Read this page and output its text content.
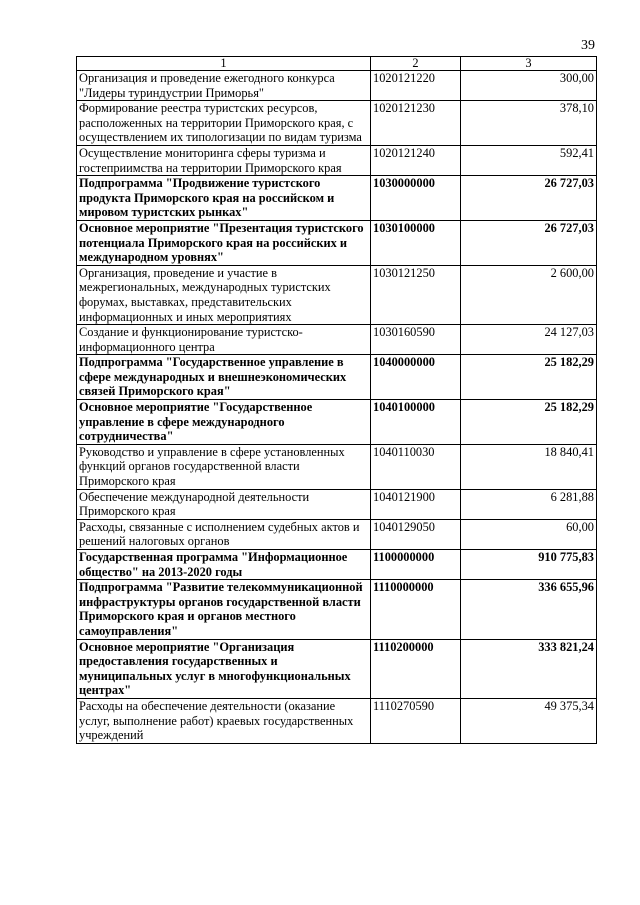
39
1	2	3
Организация и проведение ежегодного конкурса "Лидеры туриндустрии Приморья"	1020121220	300,00
Формирование реестра туристских ресурсов, расположенных на территории Приморского края, с осуществлением их типологизации по видам туризма	1020121230	378,10
Осуществление мониторинга сферы туризма и гостеприимства на территории Приморского края	1020121240	592,41
Подпрограмма "Продвижение туристского продукта Приморского края на российском и мировом туристских рынках"	1030000000	26 727,03
Основное мероприятие "Презентация туристского потенциала Приморского края на российских и международном уровнях"	1030100000	26 727,03
Организация, проведение и участие в межрегиональных, международных туристских форумах, выставках, представительских информационных и иных мероприятиях	1030121250	2 600,00
Создание и функционирование туристско-информационного центра	1030160590	24 127,03
Подпрограмма "Государственное управление в сфере международных и внешнеэкономических связей Приморского края"	1040000000	25 182,29
Основное мероприятие "Государственное управление в сфере международного сотрудничества"	1040100000	25 182,29
Руководство и управление в сфере установленных функций органов государственной власти Приморского края	1040110030	18 840,41
Обеспечение международной деятельности Приморского края	1040121900	6 281,88
Расходы, связанные с исполнением судебных актов и решений налоговых органов	1040129050	60,00
Государственная программа "Информационное общество" на 2013-2020 годы	1100000000	910 775,83
Подпрограмма "Развитие телекоммуникационной инфраструктуры органов государственной власти Приморского края и органов местного самоуправления"	1110000000	336 655,96
Основное мероприятие "Организация предоставления государственных и муниципальных услуг в многофункциональных центрах"	1110200000	333 821,24
Расходы на обеспечение деятельности (оказание услуг, выполнение работ) краевых государственных учреждений	1110270590	49 375,34
